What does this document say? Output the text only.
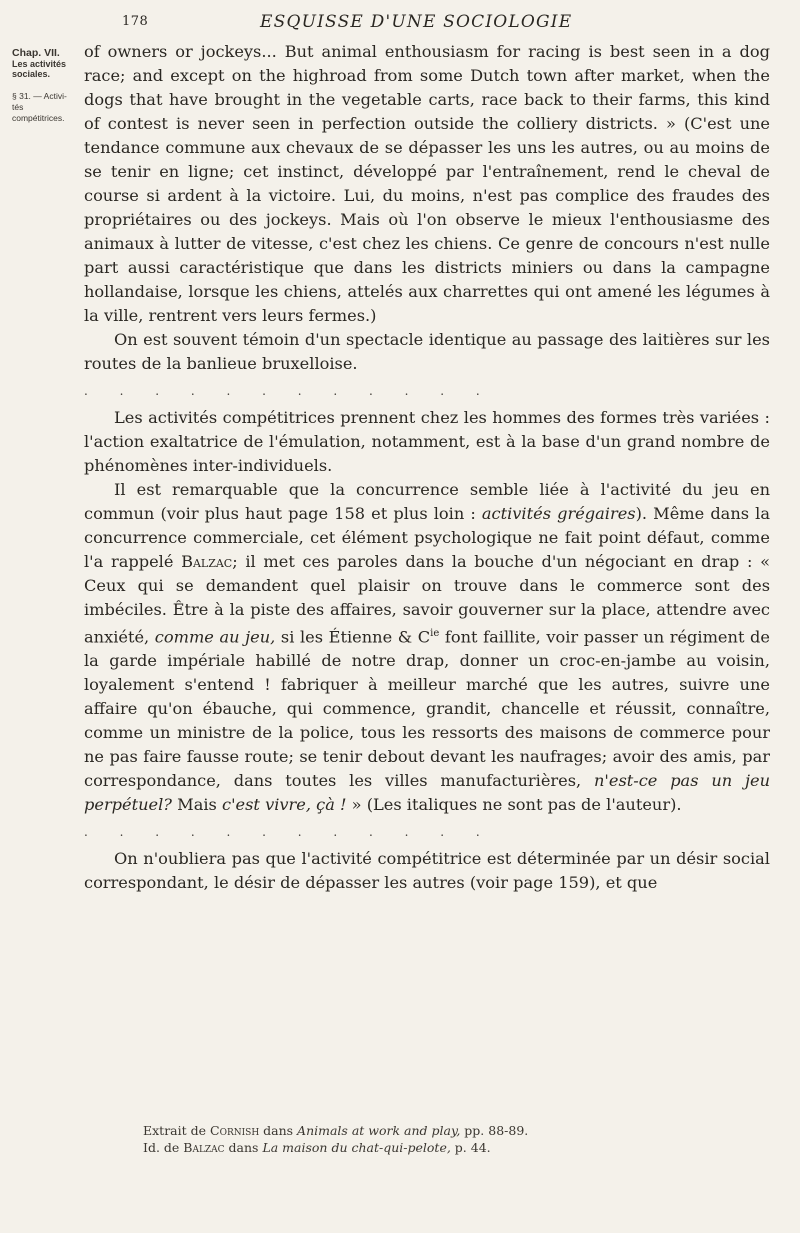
178	ESQUISSE D'UNE SOCIOLOGIE
Chap. VII.
Les activités
sociales.
§ 31. — Activi-
tés compétitrices.

of owners or jockeys... But animal enthousiasm for racing is best seen in a dog race; and except on the highroad from some Dutch town after market, when the dogs that have brought in the vegetable carts, race back to their farms, this kind of contest is never seen in perfection outside the colliery districts. » (C'est une tendance commune aux chevaux de se dépasser les uns les autres, ou au moins de se tenir en ligne; cet instinct, développé par l'entraînement, rend le cheval de course si ardent à la victoire. Lui, du moins, n'est pas complice des fraudes des propriétaires ou des jockeys. Mais où l'on observe le mieux l'enthousiasme des animaux à lutter de vitesse, c'est chez les chiens. Ce genre de concours n'est nulle part aussi caractéristique que dans les districts miniers ou dans la campagne hollandaise, lorsque les chiens, attelés aux charrettes qui ont amené les légumes à la ville, rentrent vers leurs fermes.)

On est souvent témoin d'un spectacle identique au passage des laitières sur les routes de la banlieue bruxelloise.

. . . . . . . . . . . .

Les activités compétitrices prennent chez les hommes des formes très variées : l'action exaltatrice de l'émulation, notamment, est à la base d'un grand nombre de phénomènes inter-individuels.

Il est remarquable que la concurrence semble liée à l'activité du jeu en commun (voir plus haut page 158 et plus loin : activités grégaires). Même dans la concurrence commerciale, cet élément psychologique ne fait point défaut, comme l'a rappelé Balzac; il met ces paroles dans la bouche d'un négociant en drap : « Ceux qui se demandent quel plaisir on trouve dans le commerce sont des imbéciles. Être à la piste des affaires, savoir gouverner sur la place, attendre avec anxiété, comme au jeu, si les Étienne & $C^{ie}$ font faillite, voir passer un régiment de la garde impériale habillé de notre drap, donner un croc-en-jambe au voisin, loyalement s'entend ! fabriquer à meilleur marché que les autres, suivre une affaire qu'on ébauche, qui commence, grandit, chancelle et réussit, connaître, comme un ministre de la police, tous les ressorts des maisons de commerce pour ne pas faire fausse route; se tenir debout devant les naufrages; avoir des amis, par correspondance, dans toutes les villes manufacturières, n'est-ce pas un jeu perpétuel? Mais c'est vivre, çà ! » (Les italiques ne sont pas de l'auteur).

. . . . . . . . . . . .

On n'oubliera pas que l'activité compétitrice est déterminée par un désir social correspondant, le désir de dépasser les autres (voir page 159), et que

Extrait de Cornish dans Animals at work and play, pp. 88-89.

Id. de Balzac dans La maison du chat-qui-pelote, p. 44.
